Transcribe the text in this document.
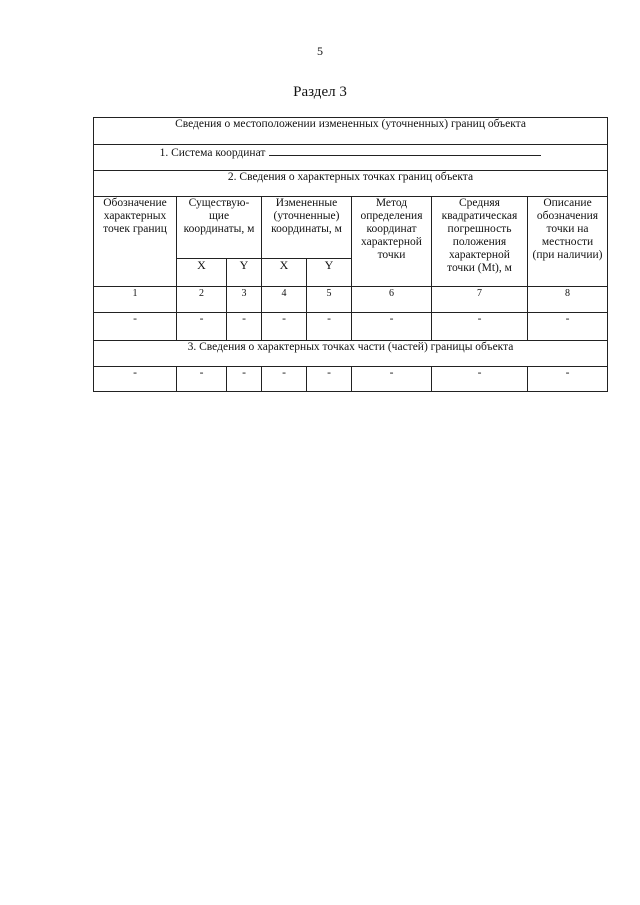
5
Раздел 3
Сведения о местоположении измененных (уточненных) границ объекта							
1. Система координат							
2. Сведения о характерных точках границ объекта							
Обозначение характерных точек границ	Существую-щие координаты, м		Измененные (уточненные) координаты, м		Метод определения координат характерной точки	Средняя квадратическая погрешность положения характерной точки (Mt), м	Описание обозначения точки на местности (при наличии)
	X	Y	X	Y			
1	2	3	4	5	6	7	8
-	-	-	-	-	-	-	-
3. Сведения о характерных точках части (частей) границы объекта							
-	-	-	-	-	-	-	-
